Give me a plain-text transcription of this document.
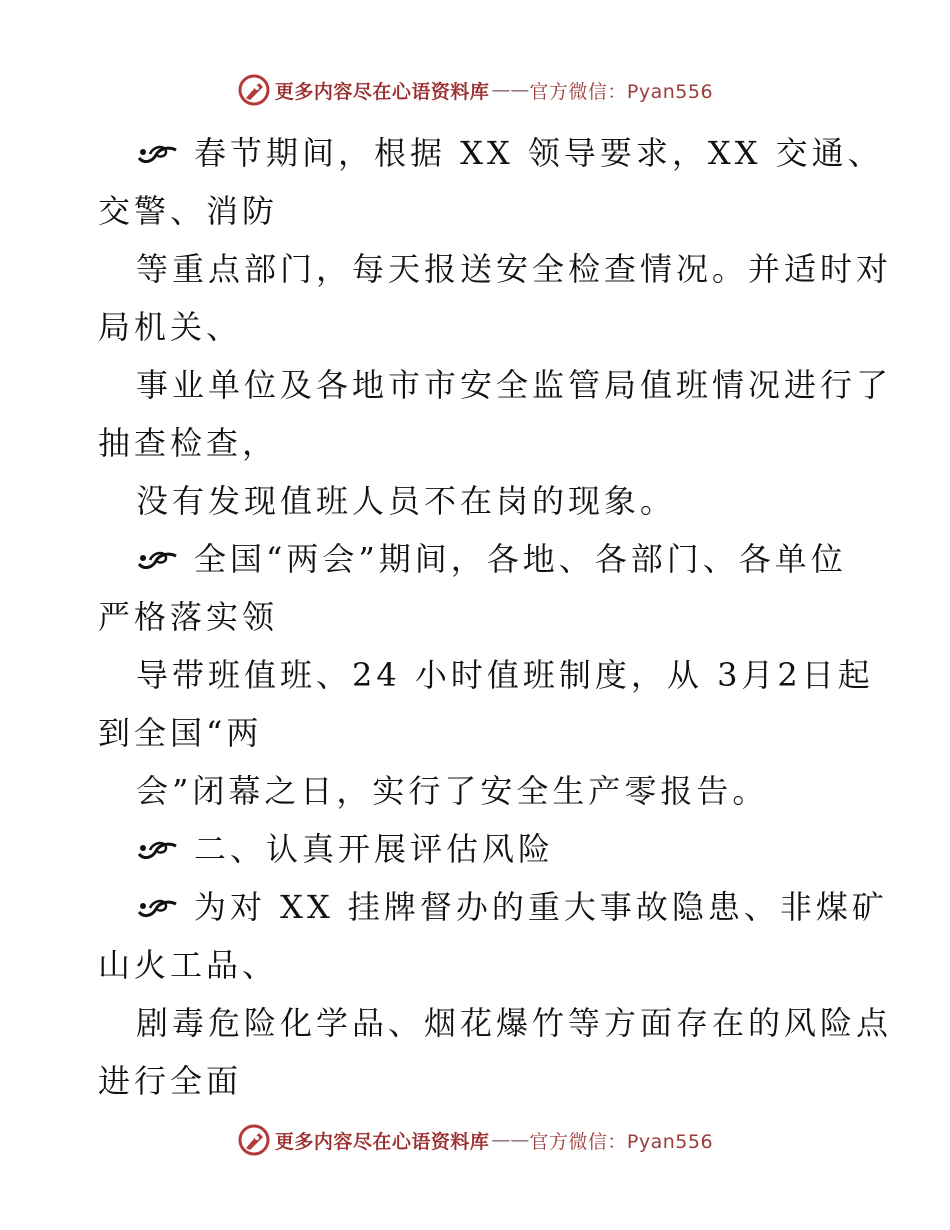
更多内容尽在心语资料库 —— 官方微信：Pyan556
春节期间，根据 XX 领导要求，XX 交通、
交警、消防
等重点部门，每天报送安全检查情况。并适时对
局机关、
事业单位及各地市市安全监管局值班情况进行了
抽查检查，
没有发现值班人员不在岗的现象。
全国“两会”期间，各地、各部门、各单位
严格落实领
导带班值班、24 小时值班制度，从 3月2日起
到全国“两
会”闭幕之日，实行了安全生产零报告。
二、认真开展评估风险
为对 XX 挂牌督办的重大事故隐患、非煤矿
山火工品、
剧毒危险化学品、烟花爆竹等方面存在的风险点
进行全面
更多内容尽在心语资料库 —— 官方微信：Pyan556
